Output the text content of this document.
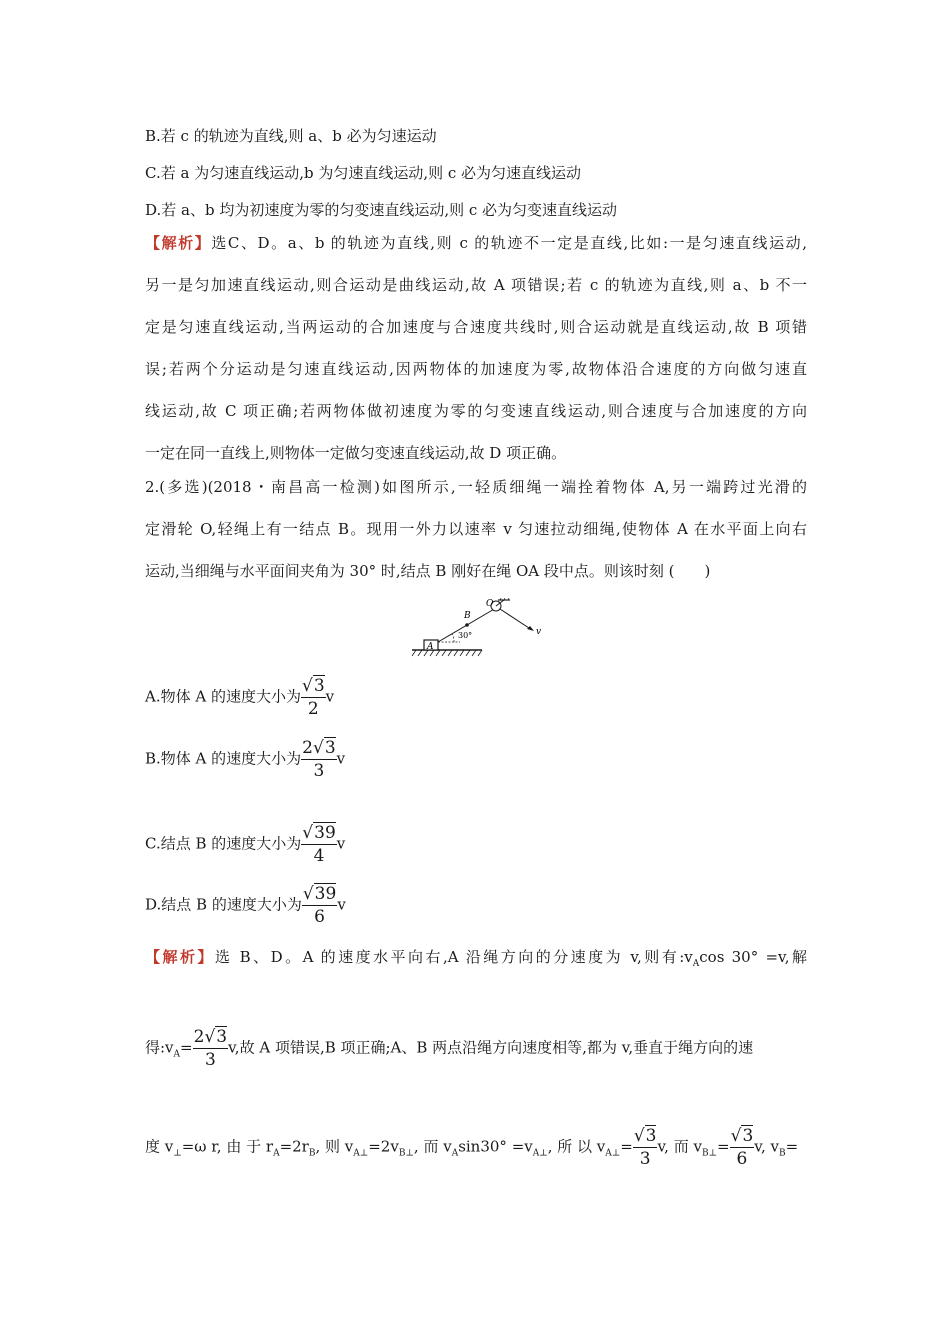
B.若 c 的轨迹为直线,则 a、b 必为匀速运动
C.若 a 为匀速直线运动,b 为匀速直线运动,则 c 必为匀速直线运动
D.若 a、b 均为初速度为零的匀变速直线运动,则 c 必为匀变速直线运动
【解析】选C、D。a、b 的轨迹为直线,则 c 的轨迹不一定是直线,比如:一是匀速直线运动,
另一是匀加速直线运动,则合运动是曲线运动,故 A 项错误;若 c 的轨迹为直线,则 a、b 不一
定是匀速直线运动,当两运动的合加速度与合速度共线时,则合运动就是直线运动,故 B 项错
误;若两个分运动是匀速直线运动,因两物体的加速度为零,故物体沿合速度的方向做匀速直
线运动,故 C 项正确;若两物体做初速度为零的匀变速直线运动,则合速度与合加速度的方向
一定在同一直线上,则物体一定做匀变速直线运动,故 D 项正确。
2.(多选)(2018・南昌高一检测)如图所示,一轻质细绳一端拴着物体 A,另一端跨过光滑的
定滑轮 O,轻绳上有一结点 B。现用一外力以速率 v 匀速拉动细绳,使物体 A 在水平面上向右
运动,当细绳与水平面间夹角为 30° 时,结点 B 刚好在绳 OA 段中点。则该时刻 (　　)
A
B
30°
O
v
A.物体 A 的速度大小为 $\frac{√3}{2}$ v
B.物体 A 的速度大小为 $\frac{2√3}{3}$ v
C.结点 B 的速度大小为 $\frac{√39}{4}$ v
D.结点 B 的速度大小为 $\frac{√39}{6}$ v
【解析】选 B、D。A 的速度水平向右,A 沿绳方向的分速度为 v,则有$:v_A\cos$ 30° =v,解
得$:v_A= \frac{2√3}{3} v$,故 A 项错误,B 项正确;A、B 两点沿绳方向速度相等,都为 v,垂直于绳方向的速
度 $v_\perp=\omega$ r, 由 于 $r_A=2r_B$, 则 $v_{A\perp}=2v_{B\perp}$, 而 $v_A\sin 30^\circ =v_{A\perp}$, 所 以 $v_{A\perp}= \frac{√3}{3} v$, 而 $v_{B\perp}= \frac{√3}{6} v$, $v_B=$
